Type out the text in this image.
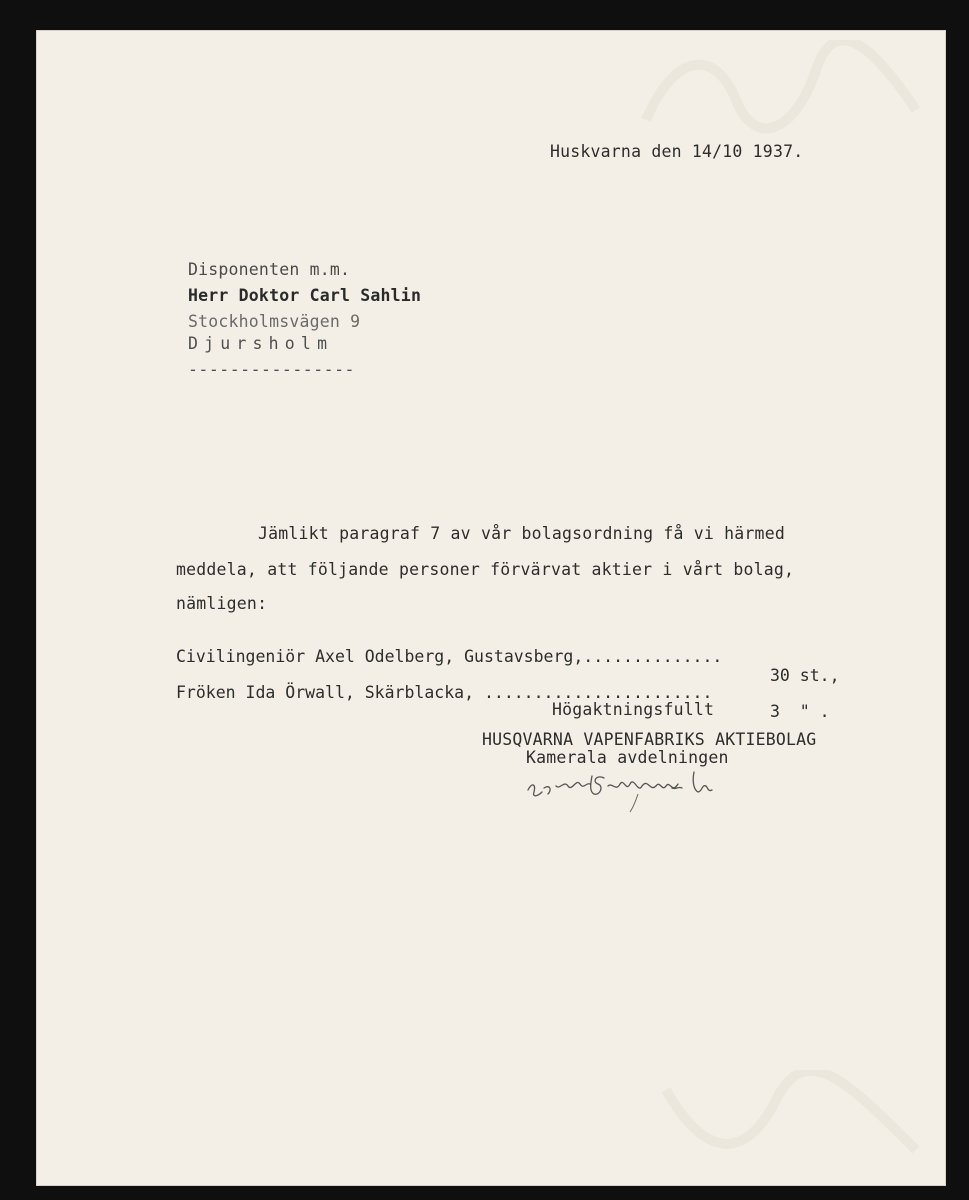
Huskvarna den 14/10 1937.
Disponenten m.m.
Herr Doktor Carl Sahlin
Stockholmsvägen 9
Djursholm
----------------
Jämlikt paragraf 7 av vår bolagsordning få vi härmed
meddela, att följande personer förvärvat aktier i vårt bolag,
nämligen:

Civilingeniör Axel Odelberg, Gustavsberg,..............

30 st.,

Fröken Ida Örwall, Skärblacka, .......................

3  " .

Högaktningsfullt
HUSQVARNA VAPENFABRIKS AKTIEBOLAG
Kamerala avdelningen
